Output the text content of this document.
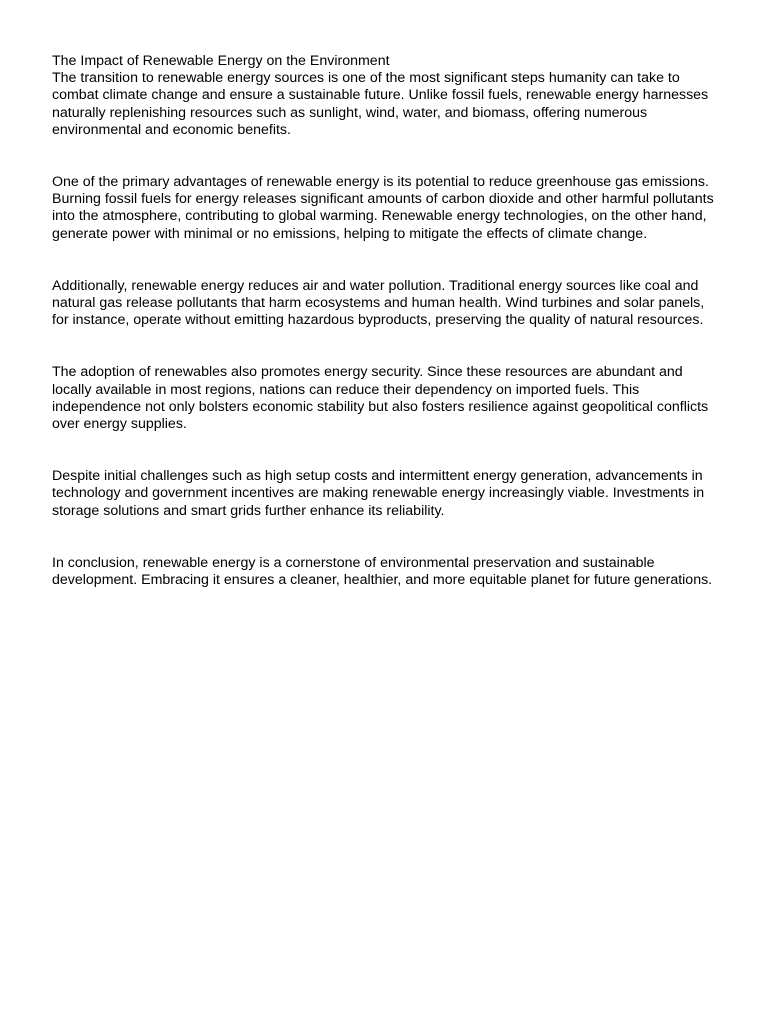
The Impact of Renewable Energy on the Environment

The transition to renewable energy sources is one of the most significant steps humanity can take to combat climate change and ensure a sustainable future. Unlike fossil fuels, renewable energy harnesses naturally replenishing resources such as sunlight, wind, water, and biomass, offering numerous environmental and economic benefits.

One of the primary advantages of renewable energy is its potential to reduce greenhouse gas emissions. Burning fossil fuels for energy releases significant amounts of carbon dioxide and other harmful pollutants into the atmosphere, contributing to global warming. Renewable energy technologies, on the other hand, generate power with minimal or no emissions, helping to mitigate the effects of climate change.

Additionally, renewable energy reduces air and water pollution. Traditional energy sources like coal and natural gas release pollutants that harm ecosystems and human health. Wind turbines and solar panels, for instance, operate without emitting hazardous byproducts, preserving the quality of natural resources.

The adoption of renewables also promotes energy security. Since these resources are abundant and locally available in most regions, nations can reduce their dependency on imported fuels. This independence not only bolsters economic stability but also fosters resilience against geopolitical conflicts over energy supplies.

Despite initial challenges such as high setup costs and intermittent energy generation, advancements in technology and government incentives are making renewable energy increasingly viable. Investments in storage solutions and smart grids further enhance its reliability.

In conclusion, renewable energy is a cornerstone of environmental preservation and sustainable development. Embracing it ensures a cleaner, healthier, and more equitable planet for future generations.
